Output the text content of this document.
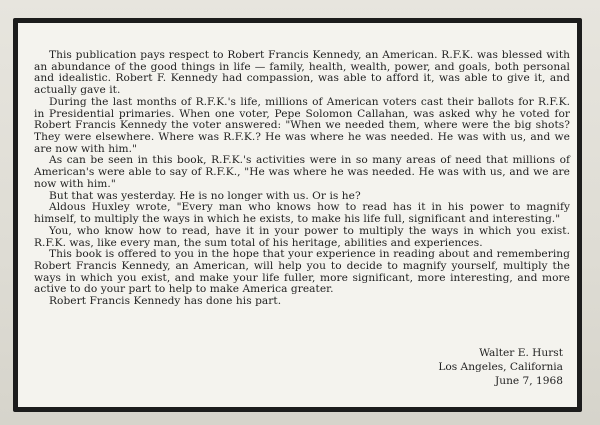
This publication pays respect to Robert Francis Kennedy, an American. R.F.K. was blessed with an abundance of the good things in life — family, health, wealth, power, and goals, both personal and idealistic. Robert F. Kennedy had compassion, was able to afford it, was able to give it, and actually gave it.

During the last months of R.F.K.'s life, millions of American voters cast their ballots for R.F.K. in Presidential primaries. When one voter, Pepe Solomon Callahan, was asked why he voted for Robert Francis Kennedy the voter answered: "When we needed them, where were the big shots? They were elsewhere. Where was R.F.K.? He was where he was needed. He was with us, and we are now with him."

As can be seen in this book, R.F.K.'s activities were in so many areas of need that millions of American's were able to say of R.F.K., "He was where he was needed. He was with us, and we are now with him."

But that was yesterday. He is no longer with us. Or is he?

Aldous Huxley wrote, "Every man who knows how to read has it in his power to magnify himself, to multiply the ways in which he exists, to make his life full, significant and interesting."

You, who know how to read, have it in your power to multiply the ways in which you exist. R.F.K. was, like every man, the sum total of his heritage, abilities and experiences.

This book is offered to you in the hope that your experience in reading about and remembering Robert Francis Kennedy, an American, will help you to decide to magnify yourself, multiply the ways in which you exist, and make your life fuller, more significant, more interesting, and more active to do your part to help to make America greater.

Robert Francis Kennedy has done his part.

Walter E. Hurst
Los Angeles, California
June 7, 1968
